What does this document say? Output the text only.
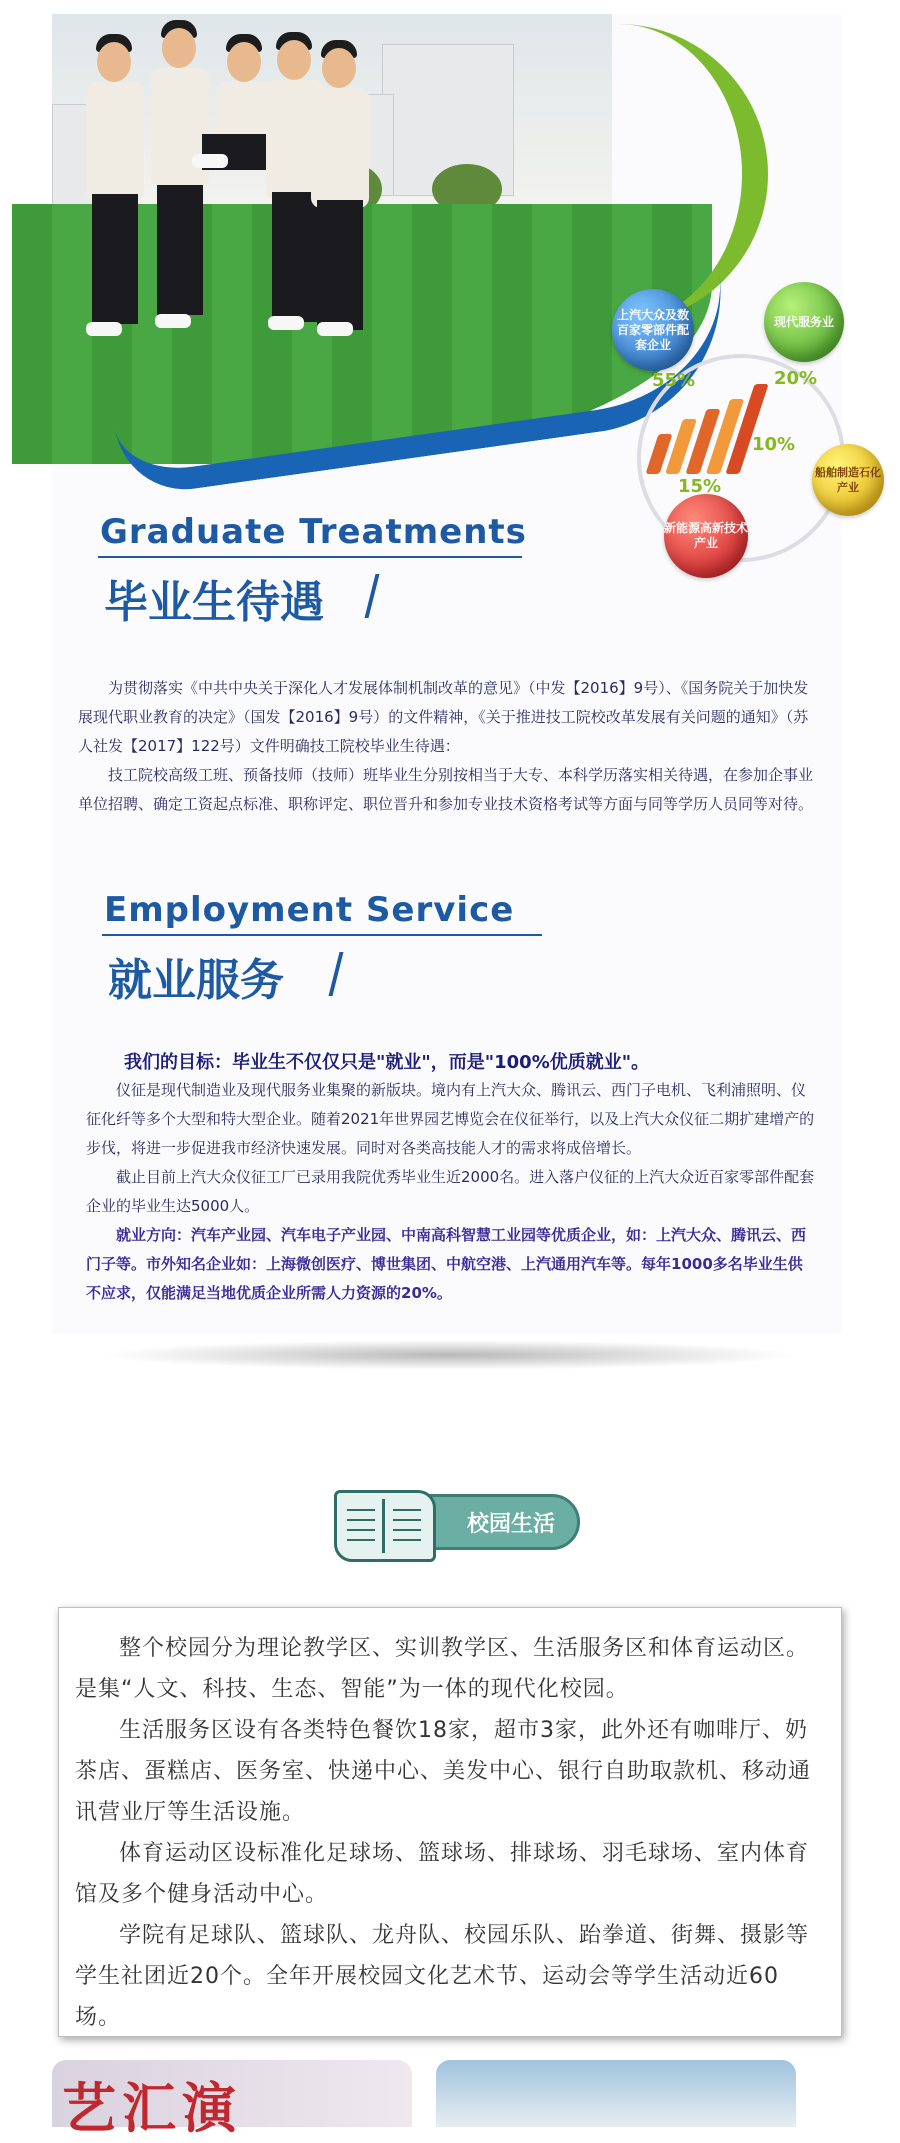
上汽大众及数百家零部件配套企业
现代服务业
船舶制造石化产业
新能源高新技术产业
55%	20%
10%
15%
Graduate Treatments
毕业生待遇

为贯彻落实《中共中央关于深化人才发展体制机制改革的意见》（中发【2016】9号）、《国务院关于加快发展现代职业教育的决定》（国发【2016】9号）的文件精神，《关于推进技工院校改革发展有关问题的通知》（苏人社发【2017】122号）文件明确技工院校毕业生待遇：

技工院校高级工班、预备技师（技师）班毕业生分别按相当于大专、本科学历落实相关待遇，在参加企事业单位招聘、确定工资起点标准、职称评定、职位晋升和参加专业技术资格考试等方面与同等学历人员同等对待。

Employment Service
就业服务
我们的目标：毕业生不仅仅只是"就业"，而是"100%优质就业"。

仪征是现代制造业及现代服务业集聚的新版块。境内有上汽大众、腾讯云、西门子电机、飞利浦照明、仪征化纤等多个大型和特大型企业。随着2021年世界园艺博览会在仪征举行，以及上汽大众仪征二期扩建增产的步伐，将进一步促进我市经济快速发展。同时对各类高技能人才的需求将成倍增长。

截止目前上汽大众仪征工厂已录用我院优秀毕业生近2000名。进入落户仪征的上汽大众近百家零部件配套企业的毕业生达5000人。

就业方向：汽车产业园、汽车电子产业园、中南高科智慧工业园等优质企业，如：上汽大众、腾讯云、西门子等。市外知名企业如：上海微创医疗、博世集团、中航空港、上汽通用汽车等。每年1000多名毕业生供不应求，仅能满足当地优质企业所需人力资源的20%。

校园生活

整个校园分为理论教学区、实训教学区、生活服务区和体育运动区。是集“人文、科技、生态、智能”为一体的现代化校园。

生活服务区设有各类特色餐饮18家，超市3家，此外还有咖啡厅、奶茶店、蛋糕店、医务室、快递中心、美发中心、银行自助取款机、移动通讯营业厅等生活设施。

体育运动区设标准化足球场、篮球场、排球场、羽毛球场、室内体育馆及多个健身活动中心。

学院有足球队、篮球队、龙舟队、校园乐队、跆拳道、街舞、摄影等学生社团近20个。全年开展校园文化艺术节、运动会等学生活动近60场。

艺汇演
